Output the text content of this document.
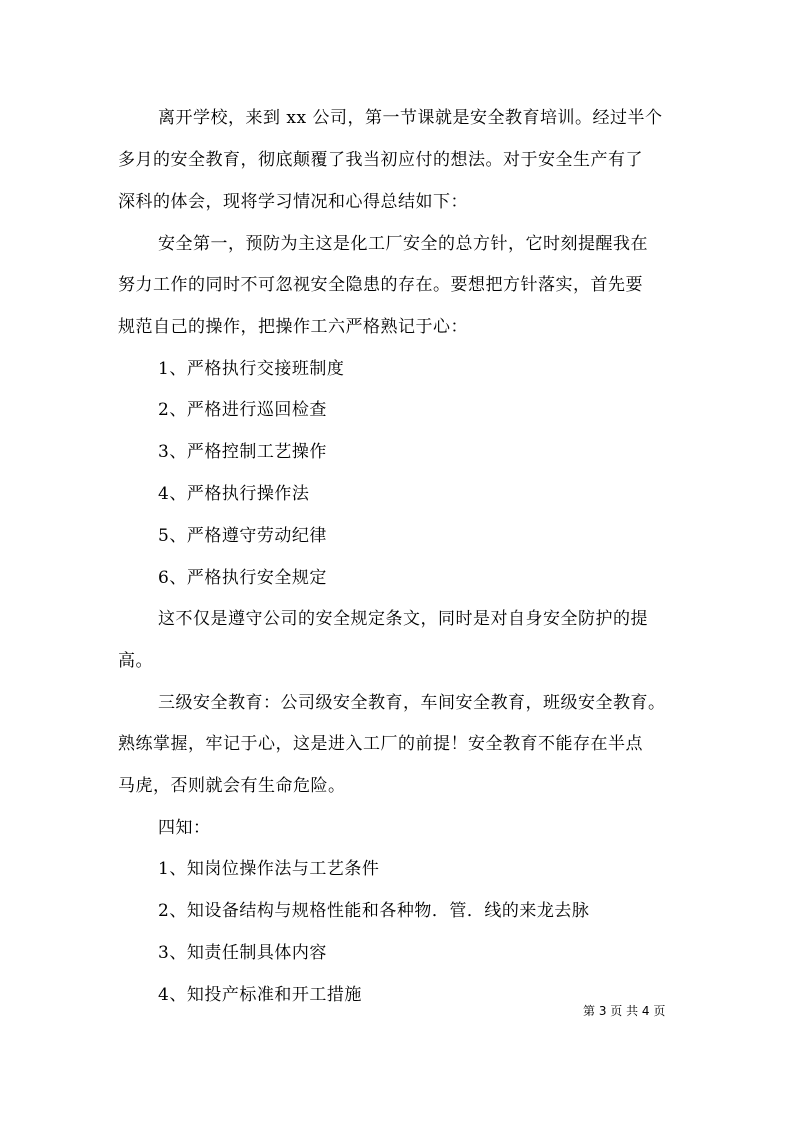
离开学校，来到 xx 公司，第一节课就是安全教育培训。经过半个
多月的安全教育，彻底颠覆了我当初应付的想法。对于安全生产有了
深科的体会，现将学习情况和心得总结如下：
安全第一，预防为主这是化工厂安全的总方针，它时刻提醒我在
努力工作的同时不可忽视安全隐患的存在。要想把方针落实，首先要
规范自己的操作，把操作工六严格熟记于心：
1、严格执行交接班制度
2、严格进行巡回检查
3、严格控制工艺操作
4、严格执行操作法
5、严格遵守劳动纪律
6、严格执行安全规定
这不仅是遵守公司的安全规定条文，同时是对自身安全防护的提
高。
三级安全教育：公司级安全教育，车间安全教育，班级安全教育。
熟练掌握，牢记于心，这是进入工厂的前提！安全教育不能存在半点
马虎，否则就会有生命危险。
四知：
1、知岗位操作法与工艺条件
2、知设备结构与规格性能和各种物．管．线的来龙去脉
3、知责任制具体内容
4、知投产标准和开工措施
第 3 页 共 4 页
